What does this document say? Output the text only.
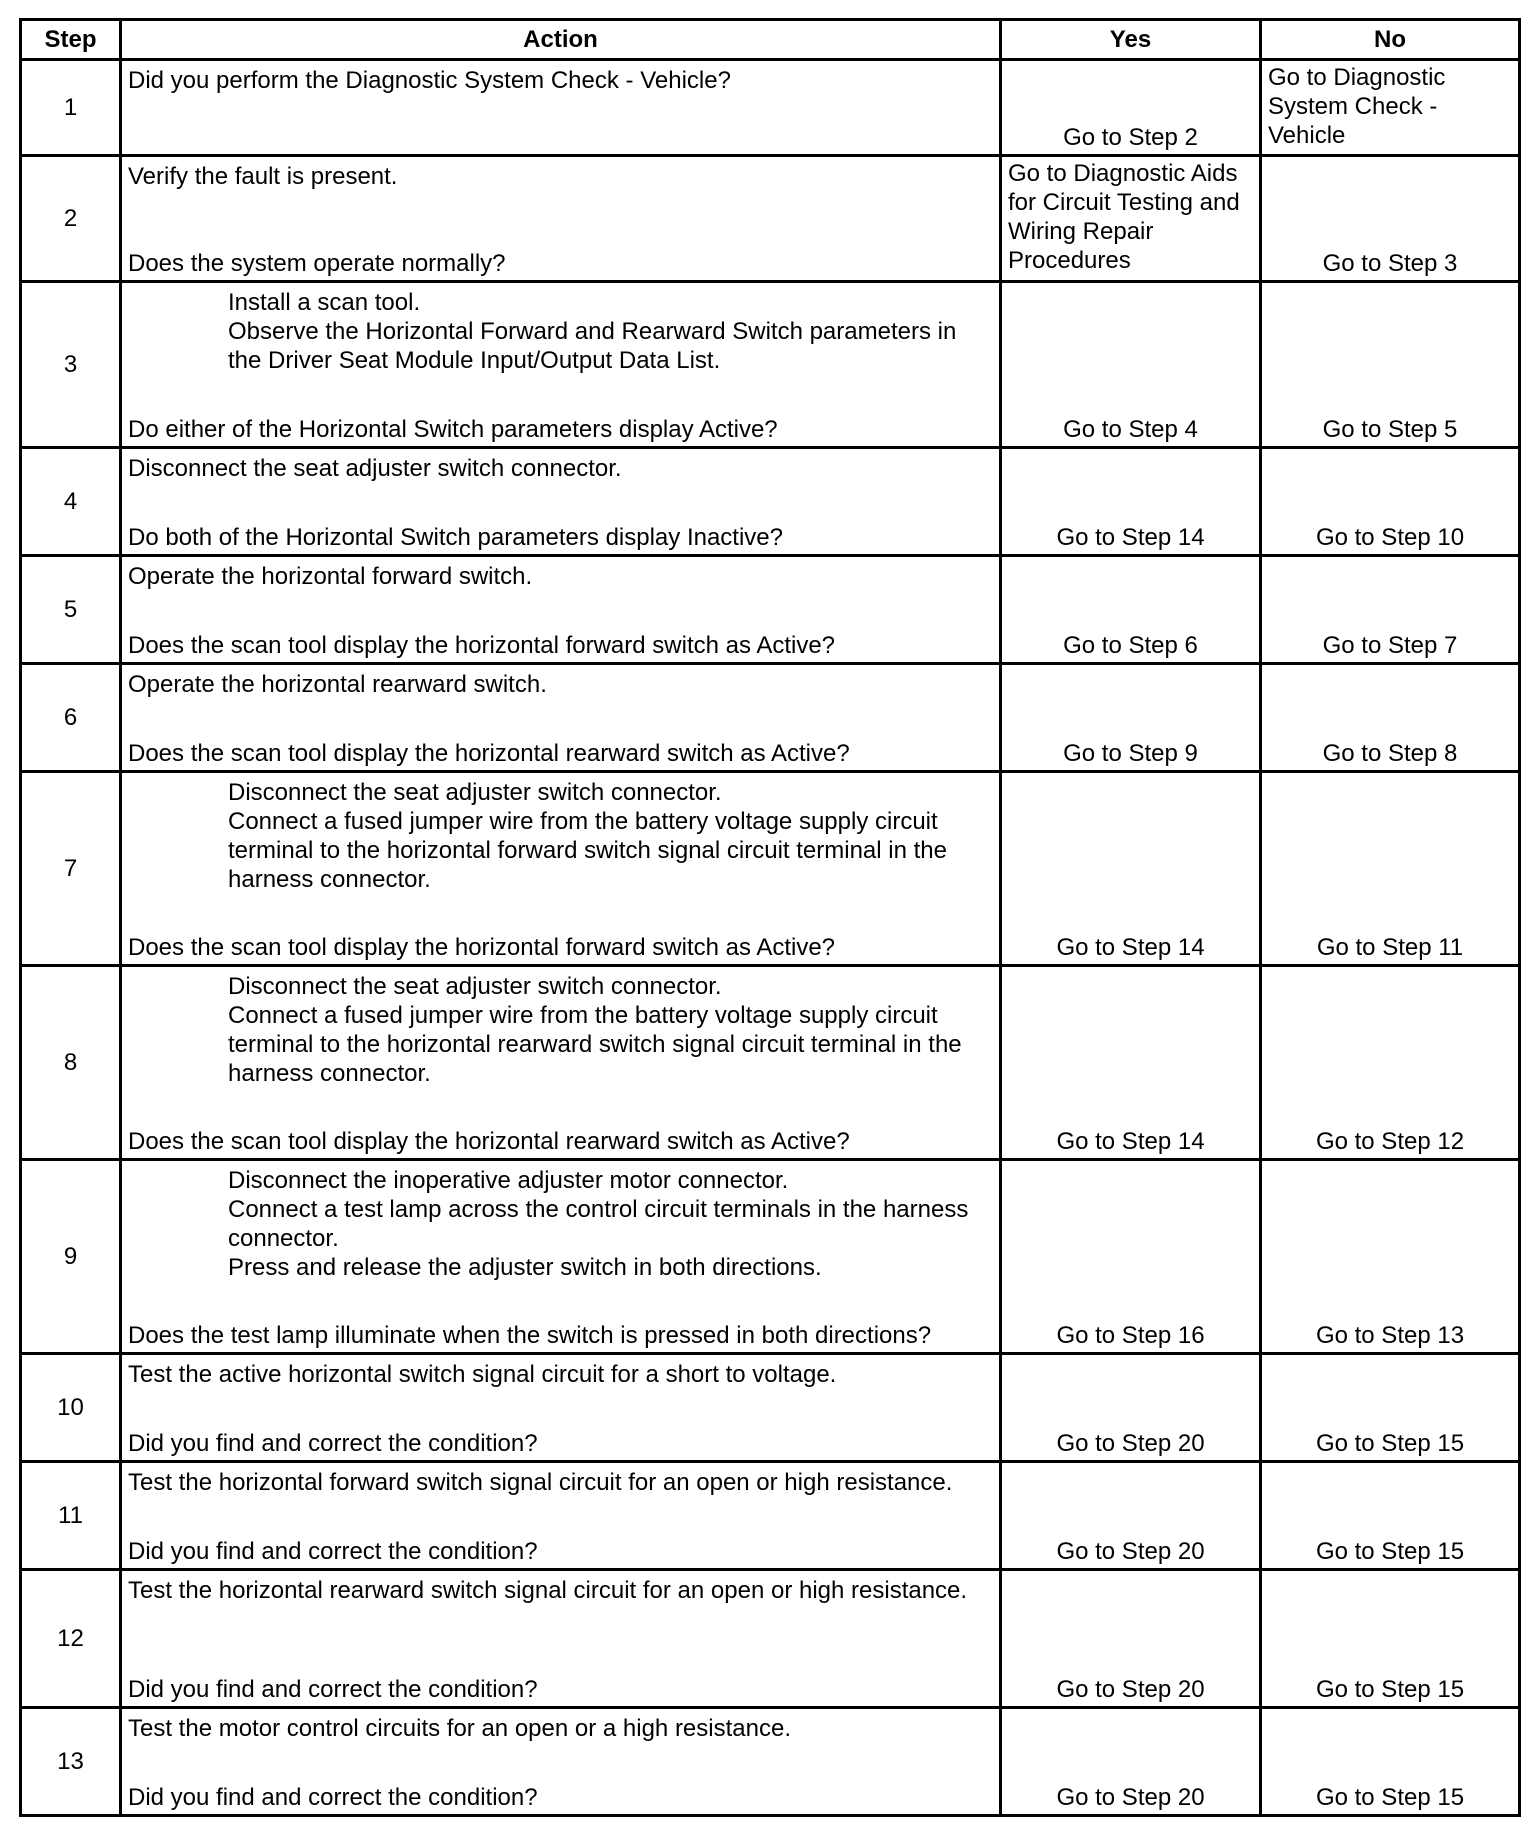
Step	Action	Yes	No
1	Did you perform the Diagnostic System Check - Vehicle?	Go to Step 2	Go to Diagnostic System Check - Vehicle
2	Verify the fault is present.
Does the system operate normally?	Go to Diagnostic Aids for Circuit Testing and Wiring Repair Procedures	Go to Step 3
3	Install a scan tool.
Observe the Horizontal Forward and Rearward Switch parameters in the Driver Seat Module Input/Output Data List.
Do either of the Horizontal Switch parameters display Active?	Go to Step 4	Go to Step 5
4	Disconnect the seat adjuster switch connector.
Do both of the Horizontal Switch parameters display Inactive?	Go to Step 14	Go to Step 10
5	Operate the horizontal forward switch.
Does the scan tool display the horizontal forward switch as Active?	Go to Step 6	Go to Step 7
6	Operate the horizontal rearward switch.
Does the scan tool display the horizontal rearward switch as Active?	Go to Step 9	Go to Step 8
7	Disconnect the seat adjuster switch connector.
Connect a fused jumper wire from the battery voltage supply circuit terminal to the horizontal forward switch signal circuit terminal in the harness connector.
Does the scan tool display the horizontal forward switch as Active?	Go to Step 14	Go to Step 11
8	Disconnect the seat adjuster switch connector.
Connect a fused jumper wire from the battery voltage supply circuit terminal to the horizontal rearward switch signal circuit terminal in the harness connector.
Does the scan tool display the horizontal rearward switch as Active?	Go to Step 14	Go to Step 12
9	Disconnect the inoperative adjuster motor connector.
Connect a test lamp across the control circuit terminals in the harness connector.
Press and release the adjuster switch in both directions.
Does the test lamp illuminate when the switch is pressed in both directions?	Go to Step 16	Go to Step 13
10	Test the active horizontal switch signal circuit for a short to voltage.
Did you find and correct the condition?	Go to Step 20	Go to Step 15
11	Test the horizontal forward switch signal circuit for an open or high resistance.
Did you find and correct the condition?	Go to Step 20	Go to Step 15
12	Test the horizontal rearward switch signal circuit for an open or high resistance.
Did you find and correct the condition?	Go to Step 20	Go to Step 15
13	Test the motor control circuits for an open or a high resistance.
Did you find and correct the condition?	Go to Step 20	Go to Step 15
